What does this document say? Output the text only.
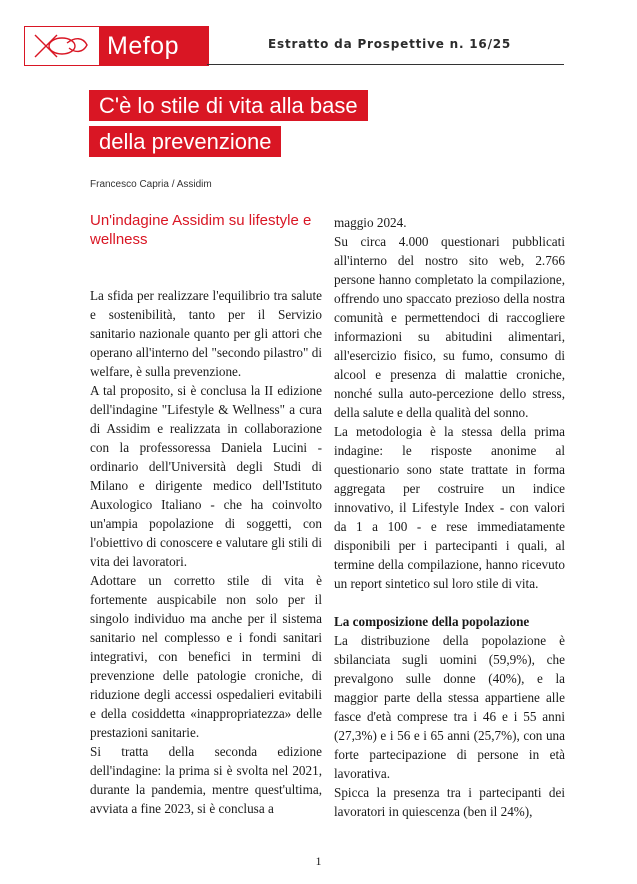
Mefop	Estratto da Prospettive n. 16/25
C'è lo stile di vita alla base
della prevenzione
Francesco Capria / Assidim
Un'indagine Assidim su lifestyle e wellness

La sfida per realizzare l'equilibrio tra salute e sostenibilità, tanto per il Servizio sanitario nazionale quanto per gli attori che operano all'interno del "secondo pilastro" di welfare, è sulla prevenzione.

A tal proposito, si è conclusa la II edizione dell'indagine "Lifestyle & Wellness" a cura di Assidim e realizzata in collaborazione con la professoressa Daniela Lucini - ordinario dell'Università degli Studi di Milano e dirigente medico dell'Istituto Auxologico Italiano - che ha coinvolto un'ampia popolazione di soggetti, con l'obiettivo di conoscere e valutare gli stili di vita dei lavoratori.

Adottare un corretto stile di vita è fortemente auspicabile non solo per il singolo individuo ma anche per il sistema sanitario nel complesso e i fondi sanitari integrativi, con benefici in termini di prevenzione delle patologie croniche, di riduzione degli accessi ospedalieri evitabili e della cosiddetta «inappropriatezza» delle prestazioni sanitarie.

Si tratta della seconda edizione dell'indagine: la prima si è svolta nel 2021, durante la pandemia, mentre quest'ultima, avviata a fine 2023, si è conclusa a

maggio 2024.

Su circa 4.000 questionari pubblicati all'interno del nostro sito web, 2.766 persone hanno completato la compilazione, offrendo uno spaccato prezioso della nostra comunità e permettendoci di raccogliere informazioni su abitudini alimentari, all'esercizio fisico, su fumo, consumo di alcool e presenza di malattie croniche, nonché sulla auto-percezione dello stress, della salute e della qualità del sonno.

La metodologia è la stessa della prima indagine: le risposte anonime al questionario sono state trattate in forma aggregata per costruire un indice innovativo, il Lifestyle Index - con valori da 1 a 100 - e rese immediatamente disponibili per i partecipanti i quali, al termine della compilazione, hanno ricevuto un report sintetico sul loro stile di vita.

La composizione della popolazione

La distribuzione della popolazione è sbilanciata sugli uomini (59,9%), che prevalgono sulle donne (40%), e la maggior parte della stessa appartiene alle fasce d'età comprese tra i 46 e i 55 anni (27,3%) e i 56 e i 65 anni (25,7%), con una forte partecipazione di persone in età lavorativa.

Spicca la presenza tra i partecipanti dei lavoratori in quiescenza (ben il 24%),

1
